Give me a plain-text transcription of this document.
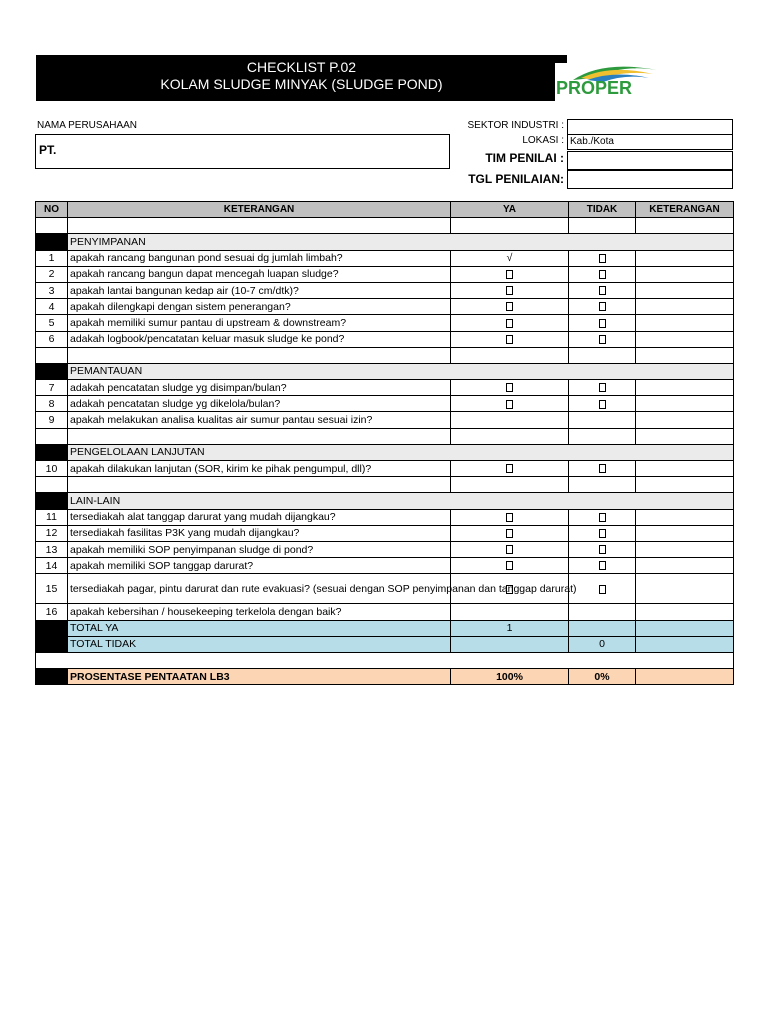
CHECKLIST P.02
KOLAM SLUDGE MINYAK (SLUDGE POND)	PROPER
NAMA PERUSAHAAN
PT.
SEKTOR INDUSTRI :
LOKASI : Kab./Kota
TIM PENILAI :
TGL PENILAIAN:
NO	KETERANGAN	YA	TIDAK	KETERANGAN

	PENYIMPANAN			
1	apakah rancang bangunan pond sesuai dg jumlah limbah?	√		
2	apakah rancang bangun dapat mencegah luapan sludge?			
3	apakah lantai bangunan kedap air (10-7 cm/dtk)?			
4	apakah dilengkapi dengan sistem penerangan?			
5	apakah memiliki sumur pantau di upstream & downstream?			
6	adakah logbook/pencatatan keluar masuk sludge ke pond?			

	PEMANTAUAN			
7	adakah pencatatan sludge yg disimpan/bulan?			
8	adakah pencatatan sludge yg dikelola/bulan?			
9	apakah melakukan analisa kualitas air sumur pantau sesuai izin?			

	PENGELOLAAN LANJUTAN			
10	apakah dilakukan lanjutan (SOR, kirim ke pihak pengumpul, dll)?			

	LAIN-LAIN			
11	tersediakah alat tanggap darurat yang mudah dijangkau?			
12	tersediakah fasilitas P3K yang mudah dijangkau?			
13	apakah memiliki SOP penyimpanan sludge di pond?			
14	apakah memiliki SOP tanggap darurat?			
15	tersediakah pagar, pintu darurat dan rute evakuasi? (sesuai dengan SOP penyimpanan dan tanggap darurat)			
16	apakah kebersihan / housekeeping terkelola dengan baik?			
	TOTAL YA	1		
	TOTAL TIDAK		0	

	PROSENTASE PENTAATAN LB3	100%	0%	
